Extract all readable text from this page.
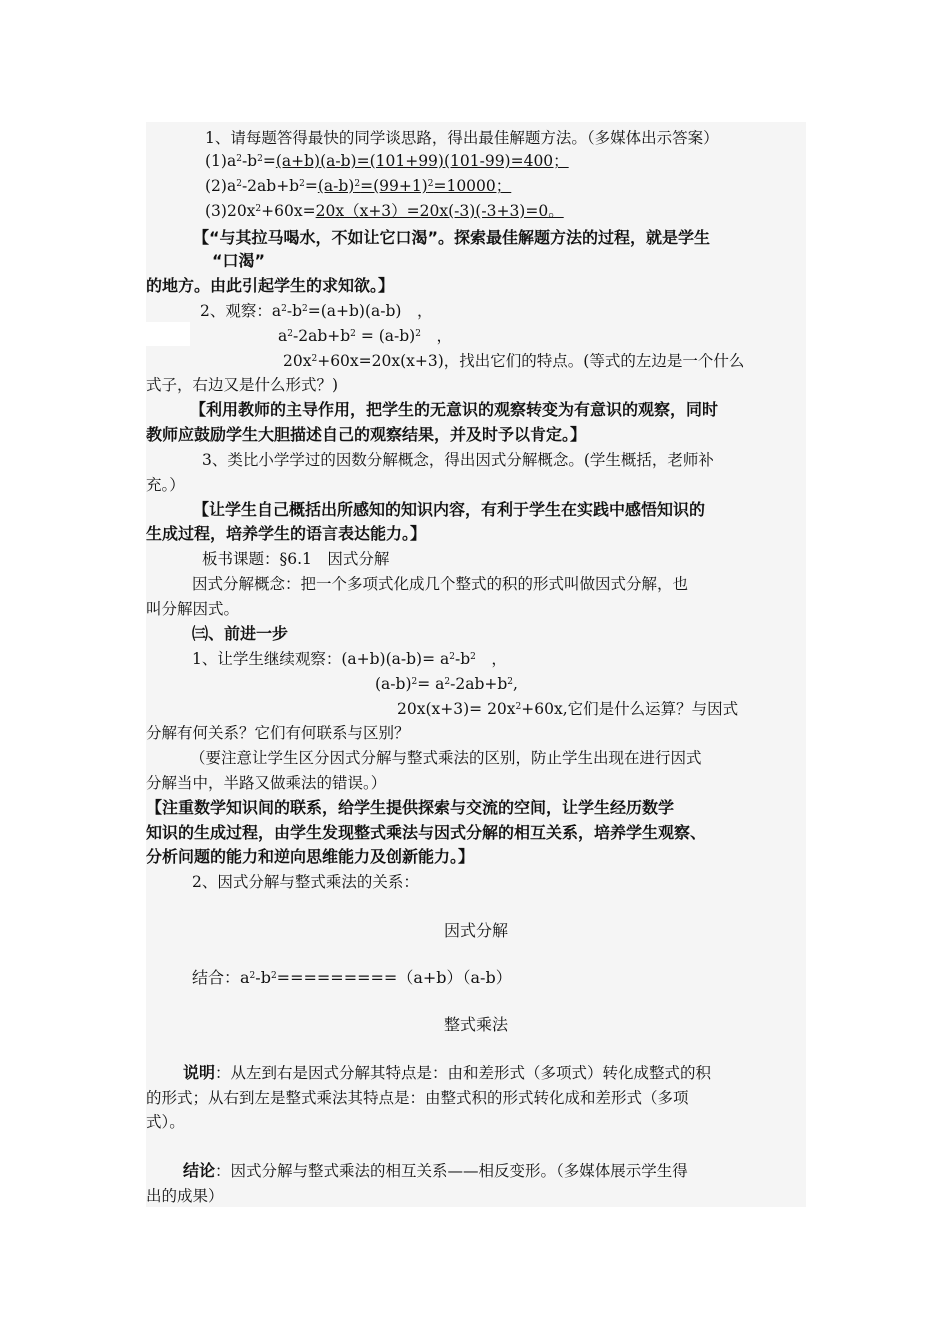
1、请每题答得最快的同学谈思路，得出最佳解题方法。（多媒体出示答案）
$(1)a^2-b^2=(a+b)(a-b)=(101+99)(101-99)=400$；
$(2)a^2-2ab+b^2=(a-b)^2=(99+1)^2=10000$；
$(3)20x^2+60x=20x(x+3)=20x(-3)(-3+3)=0$。
【“与其拉马喝水，不如让它口渴”。探索最佳解题方法的过程，就是学生
“口渴”
的地方。由此引起学生的求知欲。】
2、观察：$a^2-b^2=(a+b)(a-b)$　，
$a^2-2ab+b^2 = (a-b)^2$　，
$20x^2+60x=20x(x+3)$，找出它们的特点。(等式的左边是一个什么
式子，右边又是什么形式？)
【利用教师的主导作用，把学生的无意识的观察转变为有意识的观察，同时
教师应鼓励学生大胆描述自己的观察结果，并及时予以肯定。】
3、类比小学学过的因数分解概念，得出因式分解概念。(学生概括，老师补
充。）
【让学生自己概括出所感知的知识内容，有利于学生在实践中感悟知识的
生成过程，培养学生的语言表达能力。】
板书课题：§6.1　因式分解
因式分解概念：把一个多项式化成几个整式的积的形式叫做因式分解，也
叫分解因式。
㈢、前进一步
1、让学生继续观察：$(a+b)(a-b)= a^2-b^2$　，
$(a-b)^2= a^2-2ab+b^2$,
$20x(x+3)= 20x^2+60x$,它们是什么运算？与因式
分解有何关系？它们有何联系与区别？
（要注意让学生区分因式分解与整式乘法的区别，防止学生出现在进行因式
分解当中，半路又做乘法的错误。）
【注重数学知识间的联系，给学生提供探索与交流的空间，让学生经历数学
知识的生成过程，由学生发现整式乘法与因式分解的相互关系，培养学生观察、
分析问题的能力和逆向思维能力及创新能力。】
2、因式分解与整式乘法的关系：
因式分解
结合：$a^2-b^2=========(a+b)(a-b)$
整式乘法
说明：从左到右是因式分解其特点是：由和差形式（多项式）转化成整式的积
的形式；从右到左是整式乘法其特点是：由整式积的形式转化成和差形式（多项
式）。
结论：因式分解与整式乘法的相互关系——相反变形。（多媒体展示学生得
出的成果）
